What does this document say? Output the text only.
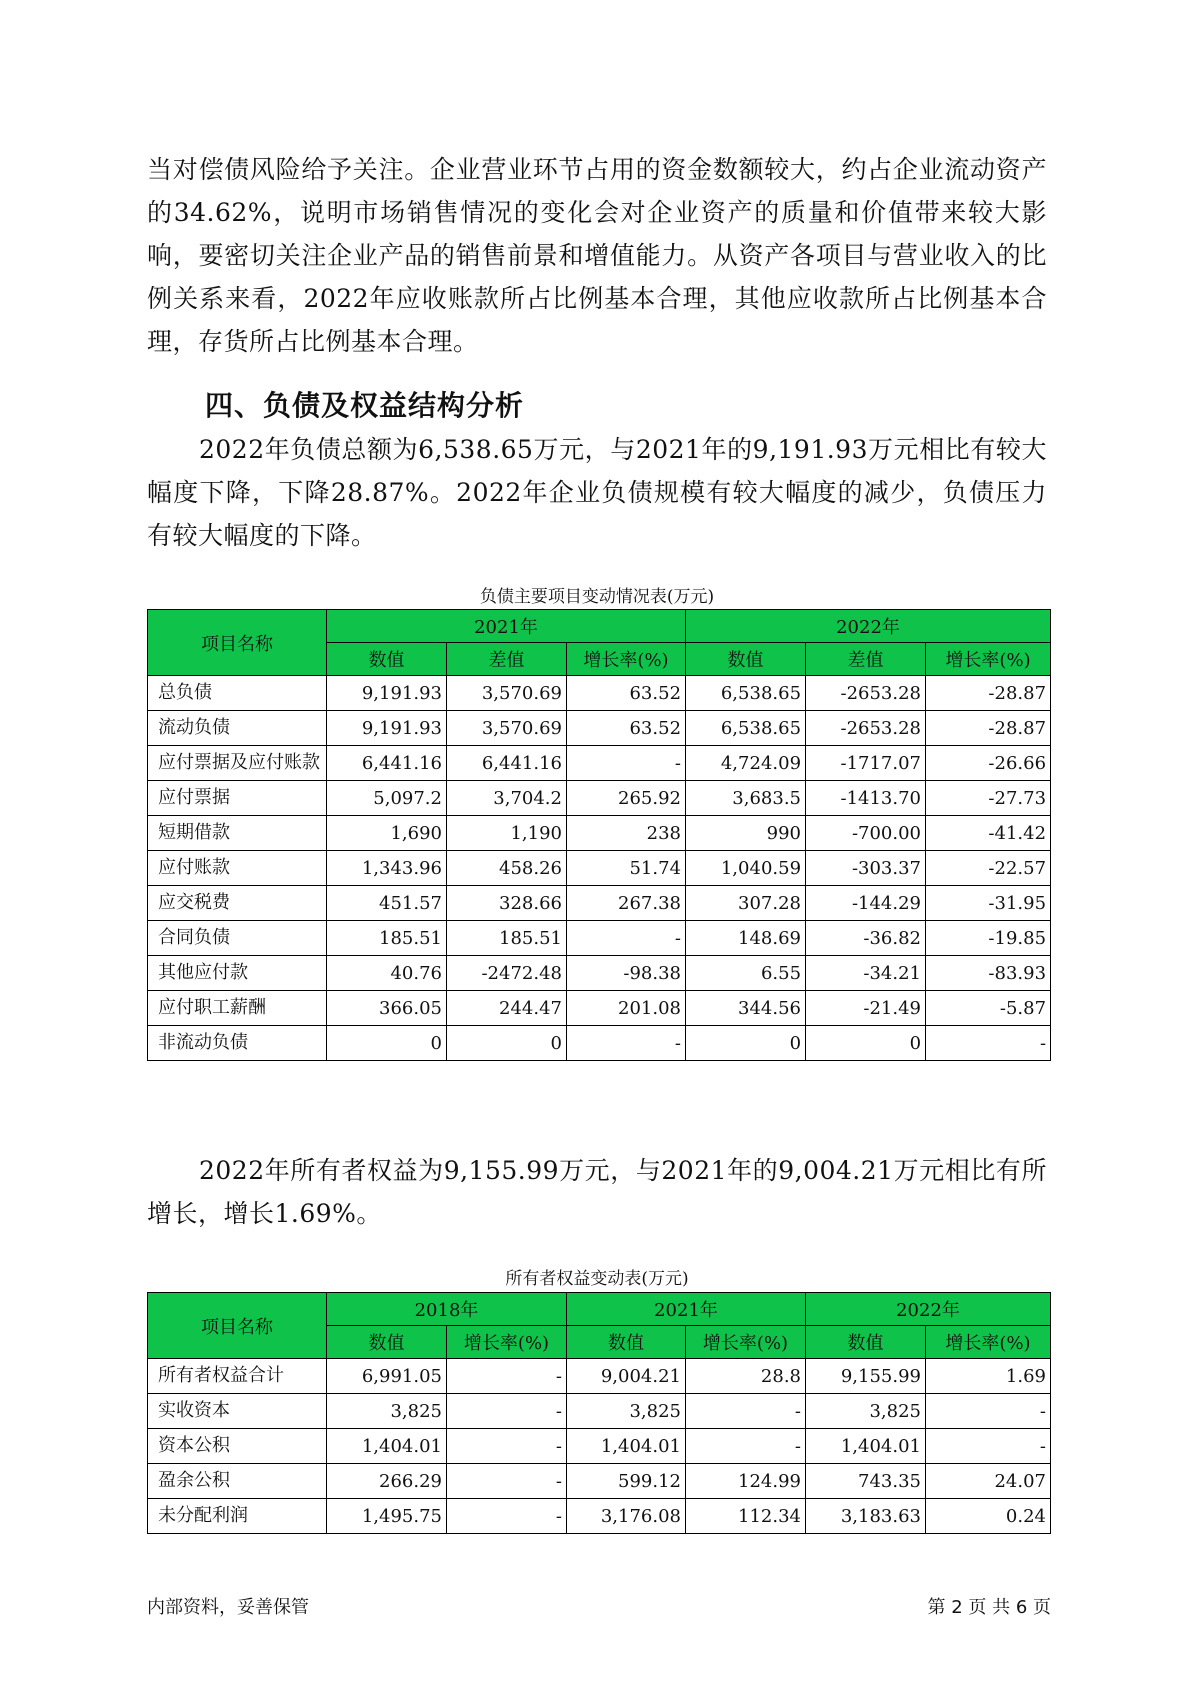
当对偿债风险给予关注。企业营业环节占用的资金数额较大，约占企业流动资产的34.62%，说明市场销售情况的变化会对企业资产的质量和价值带来较大影响，要密切关注企业产品的销售前景和增值能力。从资产各项目与营业收入的比例关系来看，2022年应收账款所占比例基本合理，其他应收款所占比例基本合理，存货所占比例基本合理。

四、负债及权益结构分析

2022年负债总额为6,538.65万元，与2021年的9,191.93万元相比有较大幅度下降，下降28.87%。2022年企业负债规模有较大幅度的减少，负债压力有较大幅度的下降。

负债主要项目变动情况表(万元)
项目名称	2021年			2022年		
	数值	差值	增长率(%)	数值	差值	增长率(%)
总负债	9,191.93	3,570.69	63.52	6,538.65	-2653.28	-28.87
流动负债	9,191.93	3,570.69	63.52	6,538.65	-2653.28	-28.87
应付票据及应付账款	6,441.16	6,441.16	-	4,724.09	-1717.07	-26.66
应付票据	5,097.2	3,704.2	265.92	3,683.5	-1413.70	-27.73
短期借款	1,690	1,190	238	990	-700.00	-41.42
应付账款	1,343.96	458.26	51.74	1,040.59	-303.37	-22.57
应交税费	451.57	328.66	267.38	307.28	-144.29	-31.95
合同负债	185.51	185.51	-	148.69	-36.82	-19.85
其他应付款	40.76	-2472.48	-98.38	6.55	-34.21	-83.93
应付职工薪酬	366.05	244.47	201.08	344.56	-21.49	-5.87
非流动负债	0	0	-	0	0	-

2022年所有者权益为9,155.99万元，与2021年的9,004.21万元相比有所增长，增长1.69%。

所有者权益变动表(万元)
项目名称	2018年		2021年		2022年	
	数值	增长率(%)	数值	增长率(%)	数值	增长率(%)
所有者权益合计	6,991.05	-	9,004.21	28.8	9,155.99	1.69
实收资本	3,825	-	3,825	-	3,825	-
资本公积	1,404.01	-	1,404.01	-	1,404.01	-
盈余公积	266.29	-	599.12	124.99	743.35	24.07
未分配利润	1,495.75	-	3,176.08	112.34	3,183.63	0.24
内部资料，妥善保管	第 2 页 共 6 页
